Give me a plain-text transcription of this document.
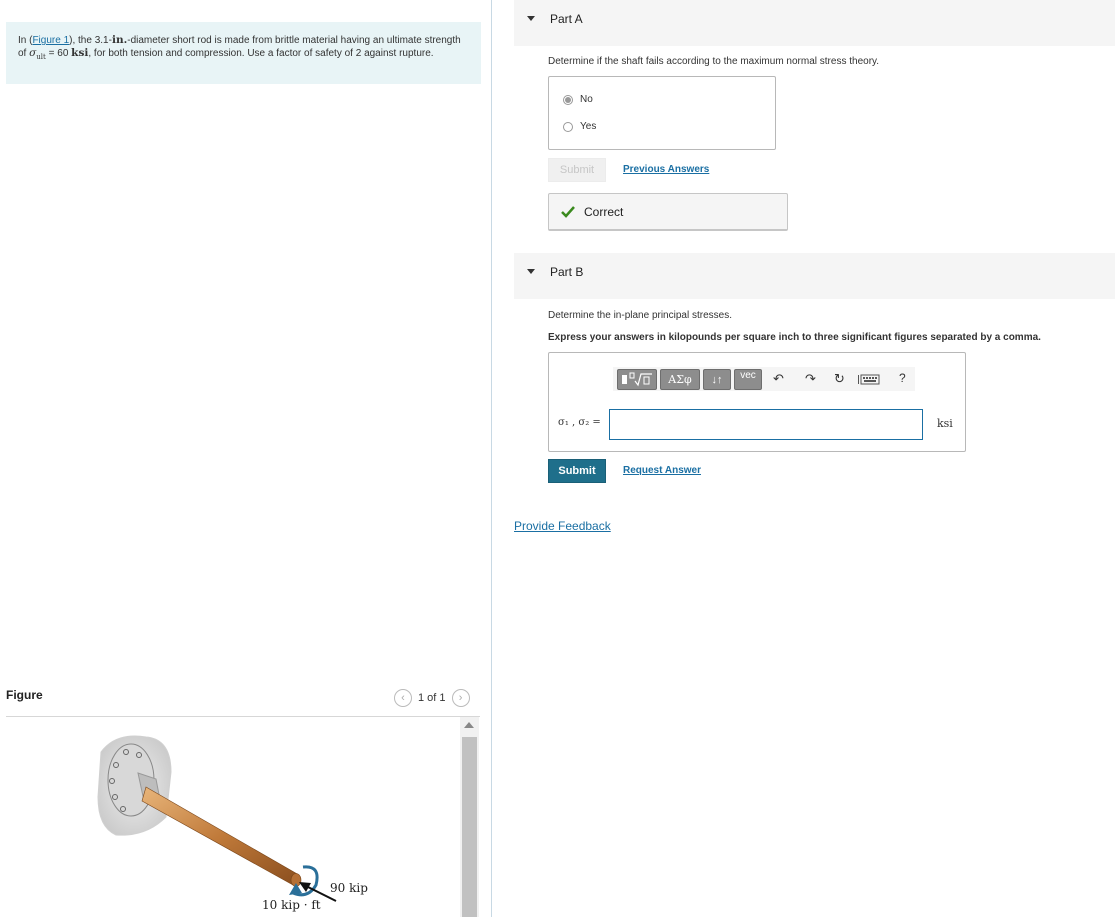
In (Figure 1), the 3.1-in.-diameter short rod is made from brittle material having an ultimate strength of $\sigma_{ult} = 60$ ksi, for both tension and compression. Use a factor of safety of 2 against rupture.
Figure	‹	1 of 1	›
90 kip
10 kip · ft
Part A
Determine if the shaft fails according to the maximum normal stress theory.
No
Yes
Submit	Previous Answers
Correct
Part B
Determine the in-plane principal stresses.
Express your answers in kilopounds per square inch to three significant figures separated by a comma.
ΑΣφ	↓↑	vec	↶ ↷ ↻	?
σ₁ , σ₂ =	ksi
Submit	Request Answer
Provide Feedback
